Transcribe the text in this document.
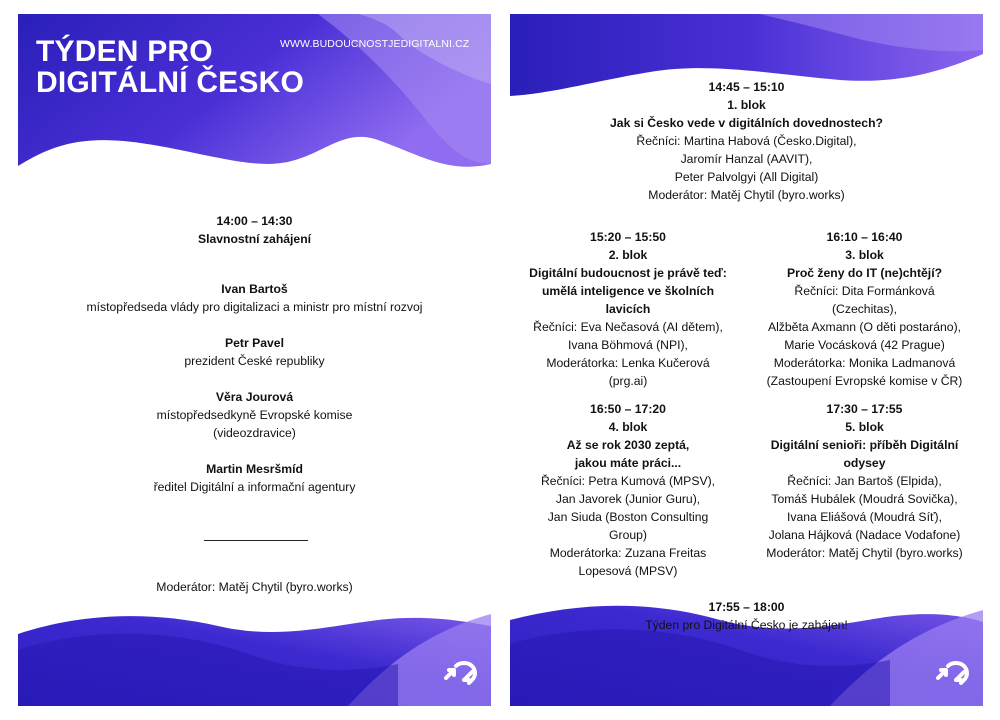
TÝDEN PRO
DIGITÁLNÍ ČESKO
WWW.BUDOUCNOSTJEDIGITALNI.CZ
14:00 – 14:30
Slavnostní zahájení
Ivan Bartoš
místopředseda vlády pro digitalizaci a ministr pro místní rozvoj
Petr Pavel
prezident České republiky
Věra Jourová
místopředsedkyně Evropské komise
(videozdravice)
Martin Mesršmíd
ředitel Digitální a informační agentury
Moderátor: Matěj Chytil (byro.works)
14:45 – 15:10
1. blok
Jak si Česko vede v digitálních dovednostech?
Řečníci: Martina Habová (Česko.Digital),
Jaromír Hanzal (AAVIT),
Peter Palvolgyi (All Digital)
Moderátor: Matěj Chytil (byro.works)
15:20 – 15:50
2. blok
Digitální budoucnost je právě teď:
umělá inteligence ve školních
lavicích
Řečníci: Eva Nečasová (AI dětem),
Ivana Böhmová (NPI),
Moderátorka: Lenka Kučerová
(prg.ai)
16:10 – 16:40
3. blok
Proč ženy do IT (ne)chtějí?
Řečníci: Dita Formánková
(Czechitas),
Alžběta Axmann (O děti postaráno),
Marie Vocásková (42 Prague)
Moderátorka: Monika Ladmanová
(Zastoupení Evropské komise v ČR)
16:50 – 17:20
4. blok
Až se rok 2030 zeptá,
jakou máte práci...
Řečníci: Petra Kumová (MPSV),
Jan Javorek (Junior Guru),
Jan Siuda (Boston Consulting
Group)
Moderátorka: Zuzana Freitas
Lopesová (MPSV)
17:30 – 17:55
5. blok
Digitální senioři: příběh Digitální
odysey
Řečníci: Jan Bartoš (Elpida),
Tomáš Hubálek (Moudrá Sovička),
Ivana Eliášová (Moudrá Síť),
Jolana Hájková (Nadace Vodafone)
Moderátor: Matěj Chytil (byro.works)
17:55 – 18:00
Týden pro Digitální Česko je zahájen!
